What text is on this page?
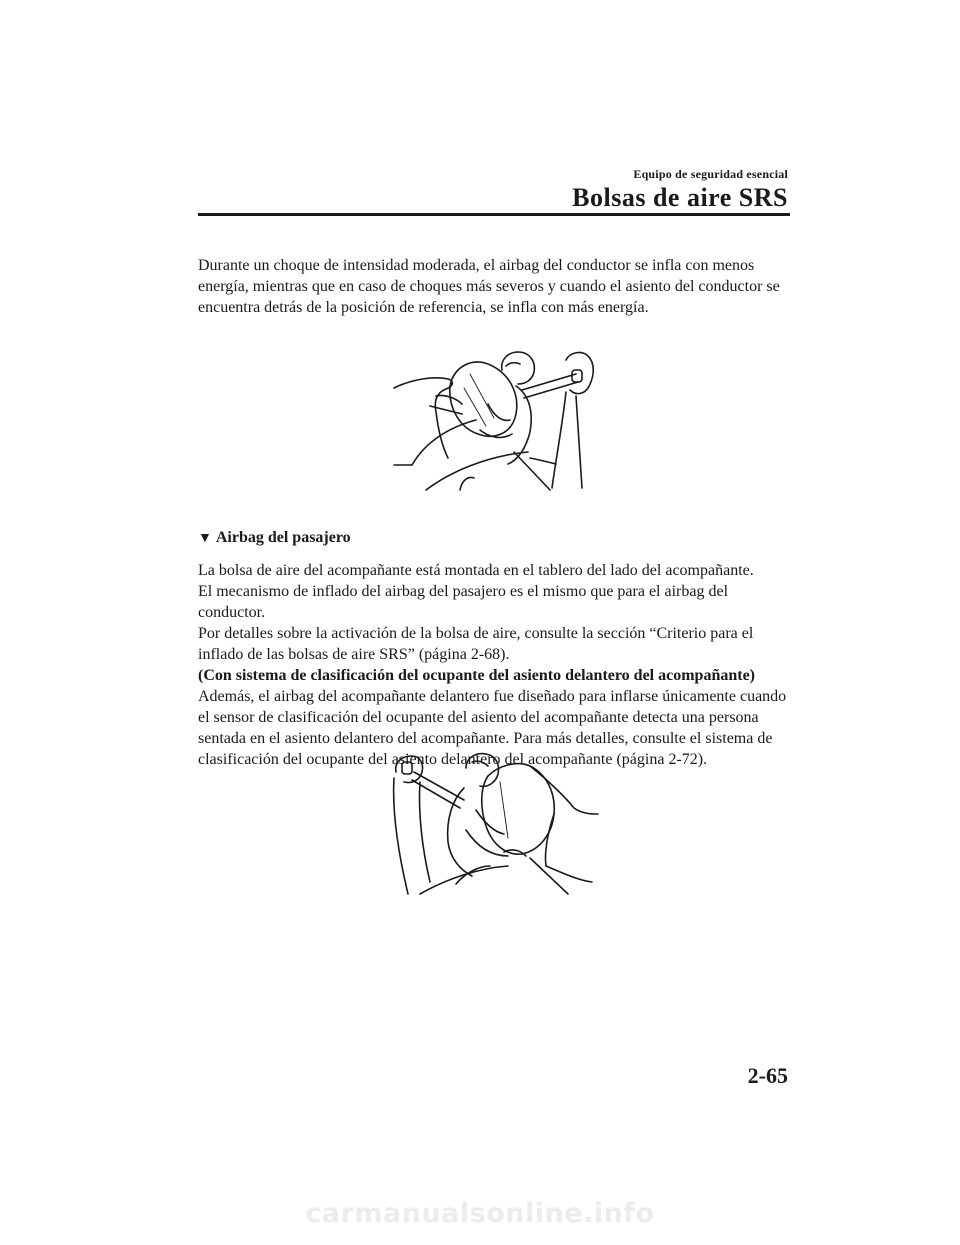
Equipo de seguridad esencial
Bolsas de aire SRS
Durante un choque de intensidad moderada, el airbag del conductor se infla con menos
energía, mientras que en caso de choques más severos y cuando el asiento del conductor se
encuentra detrás de la posición de referencia, se infla con más energía.
▼ Airbag del pasajero
La bolsa de aire del acompañante está montada en el tablero del lado del acompañante.
El mecanismo de inflado del airbag del pasajero es el mismo que para el airbag del
conductor.
Por detalles sobre la activación de la bolsa de aire, consulte la sección “Criterio para el
inflado de las bolsas de aire SRS” (página 2-68).
(Con sistema de clasificación del ocupante del asiento delantero del acompañante)
Además, el airbag del acompañante delantero fue diseñado para inflarse únicamente cuando
el sensor de clasificación del ocupante del asiento del acompañante detecta una persona
sentada en el asiento delantero del acompañante. Para más detalles, consulte el sistema de
clasificación del ocupante del asiento delantero del acompañante (página 2-72).
2-65
carmanualsonline.info
